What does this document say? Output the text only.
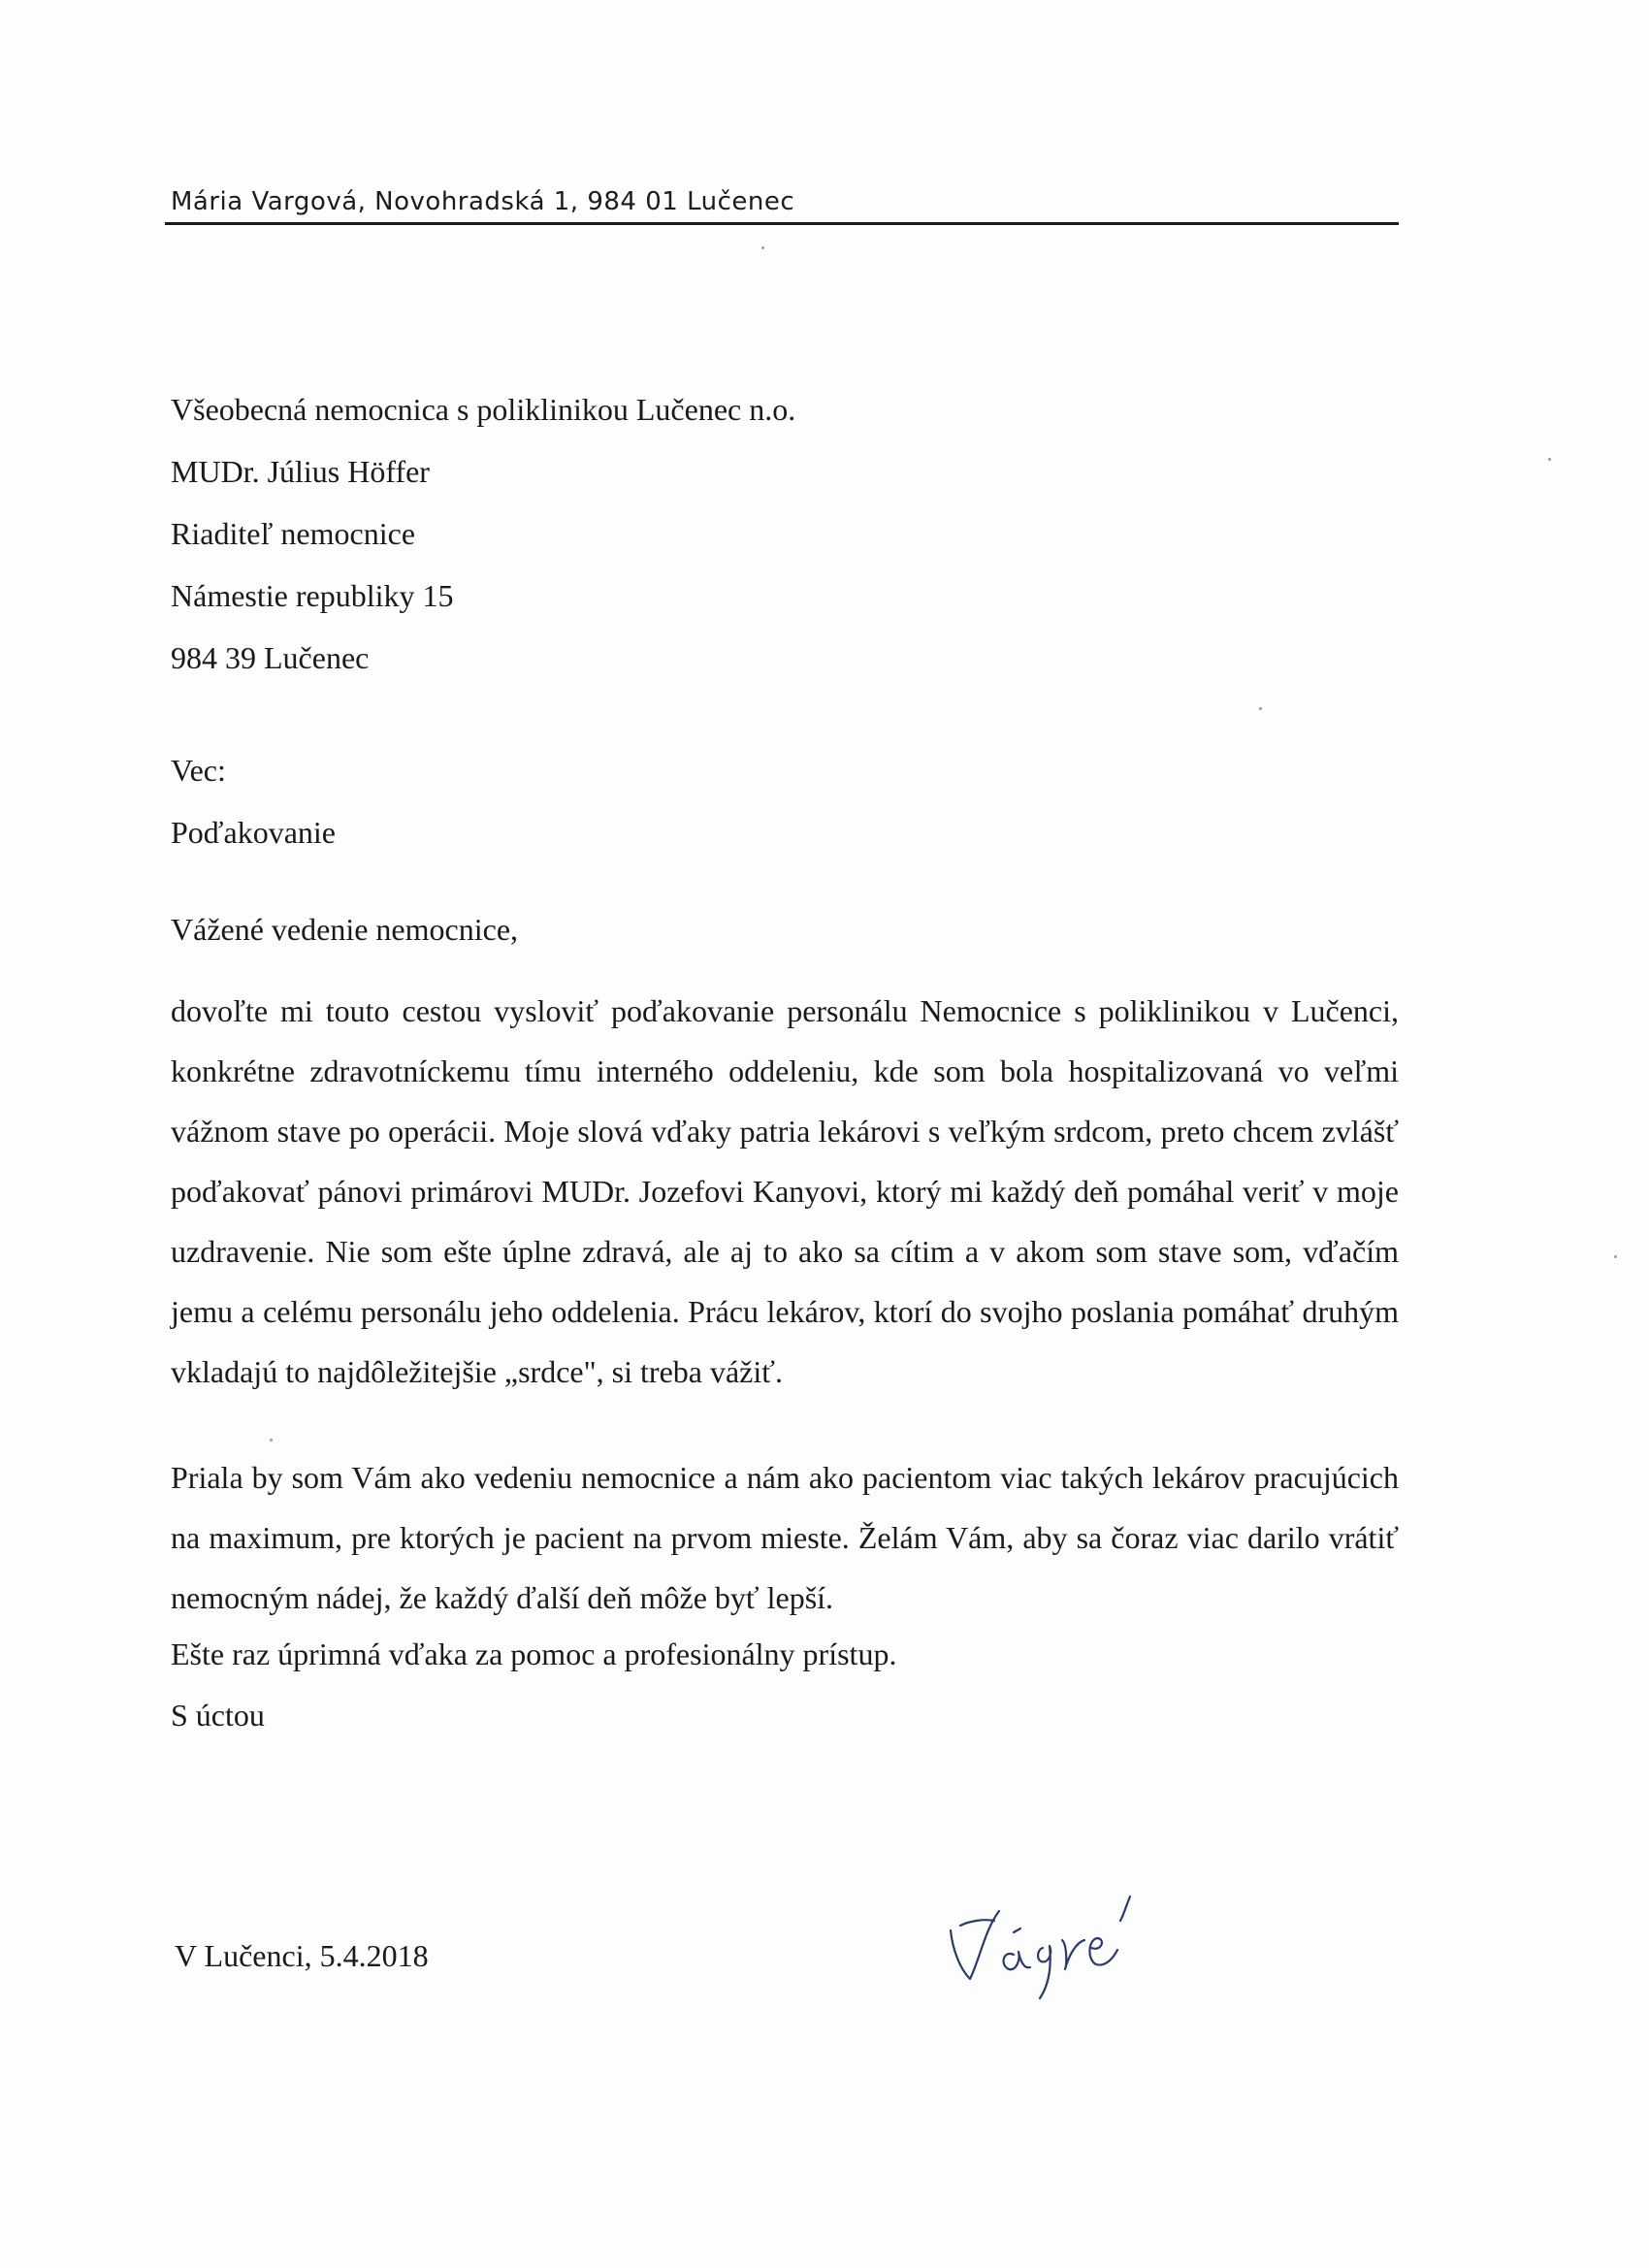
Mária Vargová, Novohradská 1, 984 01 Lučenec
Všeobecná nemocnica s poliklinikou Lučenec n.o.
MUDr. Július Höffer
Riaditeľ nemocnice
Námestie republiky 15
984 39 Lučenec
Vec:
Poďakovanie
Vážené vedenie nemocnice,
dovoľte mi touto cestou vysloviť poďakovanie personálu Nemocnice s poliklinikou v Lučenci, konkrétne zdravotníckemu tímu interného oddeleniu, kde som bola hospitalizovaná vo veľmi vážnom stave po operácii. Moje slová vďaky patria lekárovi s veľkým srdcom, preto chcem zvlášť poďakovať pánovi primárovi MUDr. Jozefovi Kanyovi, ktorý mi každý deň pomáhal veriť v moje uzdravenie. Nie som ešte úplne zdravá, ale aj to ako sa cítim a v akom som stave som, vďačím jemu a celému personálu jeho oddelenia. Prácu lekárov, ktorí do svojho poslania pomáhať druhým vkladajú to najdôležitejšie „srdce", si treba vážiť.
Priala by som Vám ako vedeniu nemocnice a nám ako pacientom viac takých lekárov pracujúcich na maximum, pre ktorých je pacient na prvom mieste. Želám Vám, aby sa čoraz viac darilo vrátiť nemocným nádej, že každý ďalší deň môže byť lepší.
Ešte raz úprimná vďaka za pomoc a profesionálny prístup.
S úctou
V Lučenci, 5.4.2018
